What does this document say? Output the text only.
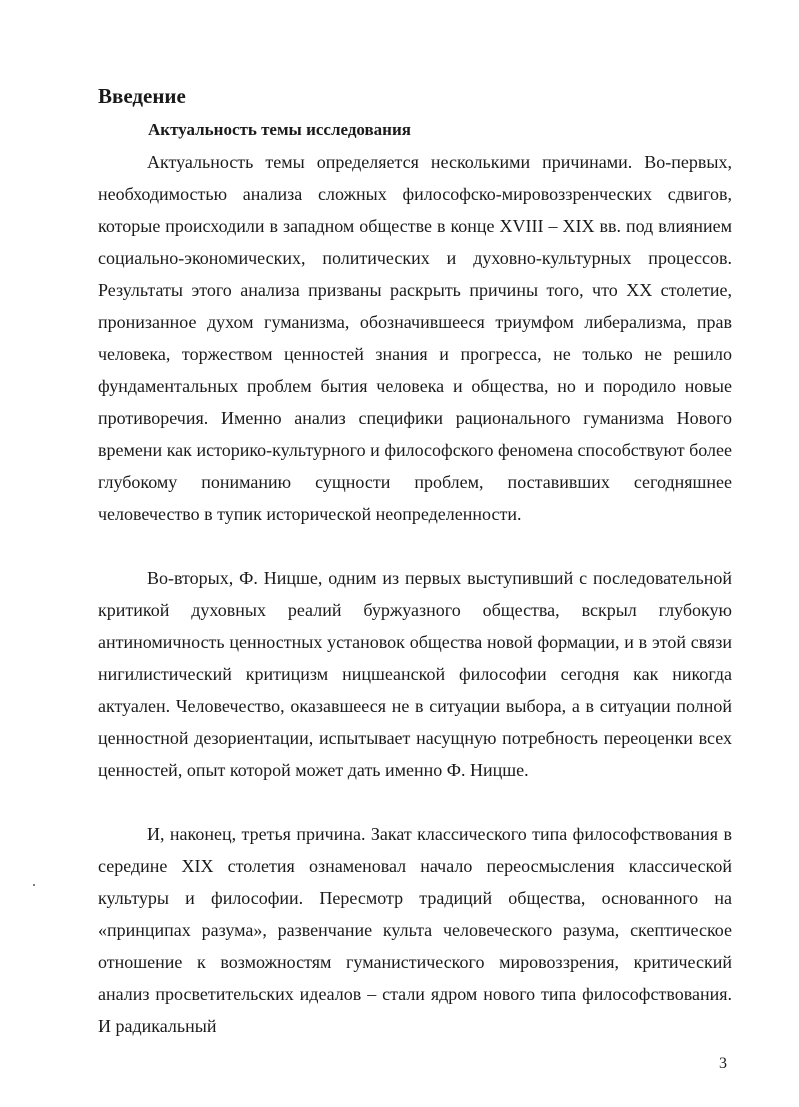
Введение
Актуальность темы исследования

Актуальность темы определяется несколькими причинами. Во-первых, необходимостью анализа сложных философско-мировоззренческих сдвигов, которые происходили в западном обществе в конце XVIII – XIX вв. под влиянием социально-экономических, политических и духовно-культурных процессов. Результаты этого анализа призваны раскрыть причины того, что XX столетие, пронизанное духом гуманизма, обозначившееся триумфом либерализма, прав человека, торжеством ценностей знания и прогресса, не только не решило фундаментальных проблем бытия человека и общества, но и породило новые противоречия. Именно анализ специфики рационального гуманизма Нового времени как историко-культурного и философского феномена способствуют более глубокому пониманию сущности проблем, поставивших сегодняшнее человечество в тупик исторической неопределенности.

Во-вторых, Ф. Ницше, одним из первых выступивший с последовательной критикой духовных реалий буржуазного общества, вскрыл глубокую антиномичность ценностных установок общества новой формации, и в этой связи нигилистический критицизм ницшеанской философии сегодня как никогда актуален. Человечество, оказавшееся не в ситуации выбора, а в ситуации полной ценностной дезориентации, испытывает насущную потребность переоценки всех ценностей, опыт которой может дать именно Ф. Ницше.

И, наконец, третья причина. Закат классического типа философствования в середине XIX столетия ознаменовал начало переосмысления классической культуры и философии. Пересмотр традиций общества, основанного на «принципах разума», развенчание культа человеческого разума, скептическое отношение к возможностям гуманистического мировоззрения, критический анализ просветительских идеалов – стали ядром нового типа философствования. И радикальный

3
